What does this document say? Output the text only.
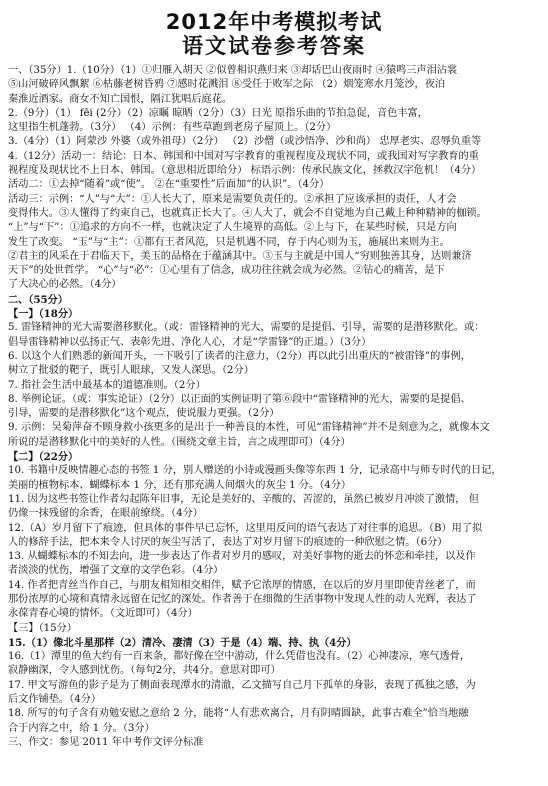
2012年中考模拟考试
语文试卷参考答案
一、（35分）1.（10分）（1）①归雁入胡天 ②似曾相识燕归来 ③却话巴山夜雨时 ④猿鸣三声泪沾裳
⑤山河破碎风飘絮 ⑥枯藤老树昏鸦 ⑦感时花溅泪 ⑧受任于败军之际 （2）烟笼寒水月笼沙，夜泊
秦淮近酒家。商女不知亡国恨，隔江犹唱后庭花。
2.（9分）（1） fēi (2分）（2）凉瞩 晾晒（2分）（3）日光 原指乐曲的节拍急促，音色丰富，
这里指生机蓬勃。（3分） （4）示例：有些草跑到老房子屋顶上。（2分）
3.（4分）（1）阿蒙沙 外婆（或外祖母）（2分） （2）沙僧（或沙悟净、沙和尚） 忠厚老实、忍辱负重等
4.（12分）活动一：结论：日本、韩国和中国对写字教育的重视程度及现状不同，或我国对写字教育的重
视程度及现状比不上日本、韩国。（意思相近即给分） 标语示例：传承民族文化，拯救汉字危机！（4分）
活动二：①去掉“随着”或“使”。 ②在“重要性”后面加“的认识”。（4分）
活动三：示例：“人”与“大”：①人长大了，原来是需要负责任的。②承担了应该承担的责任，人才会
变得伟大。③人懂得了约束自己，也就真正长大了。④人大了，就会不自觉地为自己戴上种种精神的枷锁。
“上”与“下”：①追求的方向不一样，也就决定了人生境界的高低。②上与下，在某些时候，只是方向
发生了改变。 “玉”与“主”：①都有王者风范，只是机遇不同，存于内心则为玉，施展出来则为主。
②君主的风采在于君临天下，美玉的品格在于蕴涵其中。③玉与主就是中国人“穷则独善其身，达则兼济
天下”的处世哲学。 “心”与“必”：①心里有了信念，成功往往就会成为必然。②钻心的痛苦，是下
了大决心的必然。（4分）
二、（55分）
【一】（18分）
5. 雷锋精神的光大需要潜移默化。（或：雷锋精神的光大，需要的是提倡、引导，需要的是潜移默化。或：
倡导雷锋精神以弘扬正气、表彰先进、净化人心，才是“学雷锋”的正道。）（3分）
6. 以这个人们熟悉的新闻开头，一下吸引了读者的注意力，（2分）再以此引出重庆的“被雷锋”的事例，
树立了批驳的靶子，既引人眼球，又发人深思。（2分）
7. 指社会生活中最基本的道德准则。（2分）
8. 举例论证。（或：事实论证）（2分）以正面的实例证明了第⑥段中“雷锋精神的光大，需要的是提倡、
引导，需要的是潜移默化”这个观点，使说服力更强。（2分）
9. 示例：吴菊萍奋不顾身救小孩更多的是出于一种善良的本性，可见“雷锋精神”并不是刻意为之，就像本文
所说的是潜移默化中的美好的人性。（围绕文章主旨，言之成理即可）（4分）
【二】（22分）
10. 书籍中反映情趣心态的书签 1 分，别人赠送的小诗或漫画头像等东西 1 分，记录高中与师专时代的日记，
美丽的植物标本、蝴蝶标本 1 分，还有那充满人间烟火的灰尘 1 分。（4分）
11. 因为这些书签让作者勾起陈年旧事，无论是美好的、辛酸的、苦涩的，虽然已被岁月冲淡了激情， 但
仍像一抹残留的余香，在眼前缭绕。（4分）
12.（A）岁月留下了痕迹，但具体的事件早已忘怀，这里用反问的语气表达了对往事的追思。（B）用了拟
人的修辞手法，把本来令人讨厌的灰尘写活了，表达了对岁月留下的痕迹的一种欣慰之情。（6分）
13. 从蝴蝶标本的不知去向，进一步表达了作者对岁月的感叹，对美好事物的逝去的怀恋和牵挂，以及作
者淡淡的忧伤，增强了文章的文学色彩。（4分）
14. 作者把青丝当作自己，与朋友相知相交相伴，赋予它浓厚的情感，在以后的岁月里即使青丝老了，而
那份浓厚的心境和真情永远留在记忆的深处。作者善于在细微的生活事物中发现人性的动人光辉，表达了
永葆青春心境的情怀。（文近即可）（4分）
【三】（15分）
15.（1）像北斗星那样（2）清冷、凄清（3）于是（4）端、持、执（4分）
16.（1）潭里的鱼大约有一百来条，都好像在空中游动，什么凭借也没有。（2）心神凄凉，寒气透骨，
寂静幽深，令人感到忧伤。（每句2分，共4分。意思对即可）
17. 甲文写游鱼的影子是为了侧面表现潭水的清澈，乙文描写自己月下孤单的身影，表现了孤独之感，为
后文作铺垫。（4分）
18. 所写的句子含有劝勉安慰之意给 2 分，能将“人有悲欢离合，月有阴晴圆缺，此事古难全”恰当地融
合于内容之中，给 1 分。（3分）
三、作文：参见 2011 年中考作文评分标准
